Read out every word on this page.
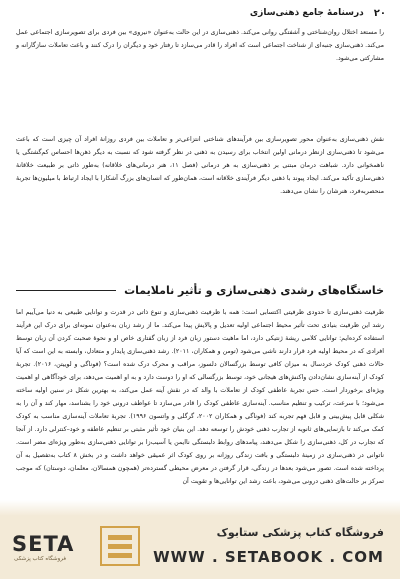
۲۰
درسنامهٔ جامع ذهنی‌سازی

را مستعد اختلال روان‌شناختی و آشفتگی روانی می‌کند. ذهنی‌سازی در این حالت به‌عنوان «نیروی» بین فردی برای تصویرسازی اجتماعی عمل می‌کند. ذهنی‌سازی جنبه‌ای از شناخت اجتماعی است که افراد را قادر می‌سازد تا رفتار خود و دیگران را درک کنند و باعث تعاملات سازگارانه و مشارکتی می‌شود.

نقش ذهنی‌سازی به‌عنوان محور تصویرسازی بین فرآیندهای شناختی انتزاعی‌تر و تعاملات بین فردی روزانهٔ افراد آن چیزی است که باعث می‌شود تا ذهنی‌سازی ازنظر درمانی اولین انتخاب برای رسیدن به ذهنی در نظر گرفته شود که نسبت به دیگر ذهن‌ها احساس کم‌گشتگی یا ناهمخوانی دارد. شباهت درمان مبتنی بر ذهنی‌سازی به هر درمانی (فصل ۱۱، هنر درمانی‌های خلاقانه) به‌طور ذاتی بر طبیعت خلاقانهٔ ذهنی‌سازی تأکید می‌کند. ایجاد پیوند با ذهنی دیگر فرآیندی خلاقانه است، همان‌طور که انسان‌های بزرگ آشکارا با ایجاد ارتباط با میلیون‌ها تجربهٔ منحصربه‌فرد، هنرشان را نشان می‌دهند.

خاستگاه‌های رشدی ذهنی‌سازی و تأثیر ناملایمات

ظرفیت ذهنی‌سازی تا حدودی ظرفیتی اکتسابی است: همه با ظرفیت ذهنی‌سازی و تنوع ذاتی در قدرت و توانایی طبیعی به دنیا می‌آییم اما رشد این ظرفیت بنیادی تحت تأثیر محیط اجتماعی اولیه تعدیل و پالایش پیدا می‌کند. ما از رشد زبان به‌عنوان نمونه‌ای برای درک این فرآیند استفاده کرده‌ایم: توانایی کلامی ریشهٔ ژنتیکی دارد، اما ماهیت دستور زبان فرد از زبان گفتاری خاص او و نحوهٔ صحبت کردن آن زبان توسط افرادی که در محیط اولیه فرد قرار دارند ناشی می‌شود (تومن و همکاران، ۲۰۱۱). رشد ذهنی‌سازی پایدار و متعادل، وابسته به این است که آیا حالات ذهنی کودک خردسال به میزان کافی توسط بزرگسالان دلسوز، مراقب و محرک درک شده است؟ (فوناگی و لوییتن، ۲۰۱۶). تجربهٔ کودک از آینه‌سازی نشان‌دادن واکنش‌های هیجانی خود، توسط بزرگسالی که او را دوست دارد و به او اهمیت می‌دهد، برای خودآگاهی او اهمیت ویژه‌ای برخوردار است. حس تجربهٔ عاطفی کودک از تعاملات با والد که در نقش آینه عمل می‌کند، به بهترین شکل در سنین اولیه ساخته می‌شود؛ با سرعت، ترکیب و تنظیم مناسب. آینه‌سازی عاطفی کودک را قادر می‌سازد تا عواطف درونی خود را بشناسد، مهار کند و آن را به شکلی قابل پیش‌بینی و قابل فهم تجربه کند (فوناگی و همکاران ۲۰۰۲، گرگلی و واتسون ۱۹۹۶). تجربهٔ تعاملات آینه‌سازی مناسب به کودک کمک می‌کند تا بازنمایی‌های ثانویه از تجارب ذهنی خودش را توسعه دهد. این بنیان خود تأثیر مثبتی بر تنظیم عاطفه و خود–کنترلی دارد. از آنجا که تجارب در کل، ذهنی‌سازی را شکل می‌دهند، پیامدهای روابط دلبستگی ناایمن یا آسیب‌زا بر توانایی ذهنی‌سازی به‌طور ویژه‌ای مضر است. ناتوانی در ذهنی‌سازی در زمینهٔ دلبستگی و بافت زندگی روزانه بر روی کودک اثر عمیقی خواهد داشت و در بخش ۸ کتاب به‌تفصیل به آن پرداخته شده است. تصور می‌شود بعدها در زندگی، قرار گرفتن در معرض محیطی گسترده‌تر (همچون همسالان، معلمان، دوستان) که موجب تمرکز بر حالت‌های ذهنی درونی می‌شود، باعث رشد این توانایی‌ها و تقویت آن

SETA
فروشگاه کتاب پزشکی
فروشگاه کتاب پزشکی ستابوک
WWW . SETABOOK . COM
